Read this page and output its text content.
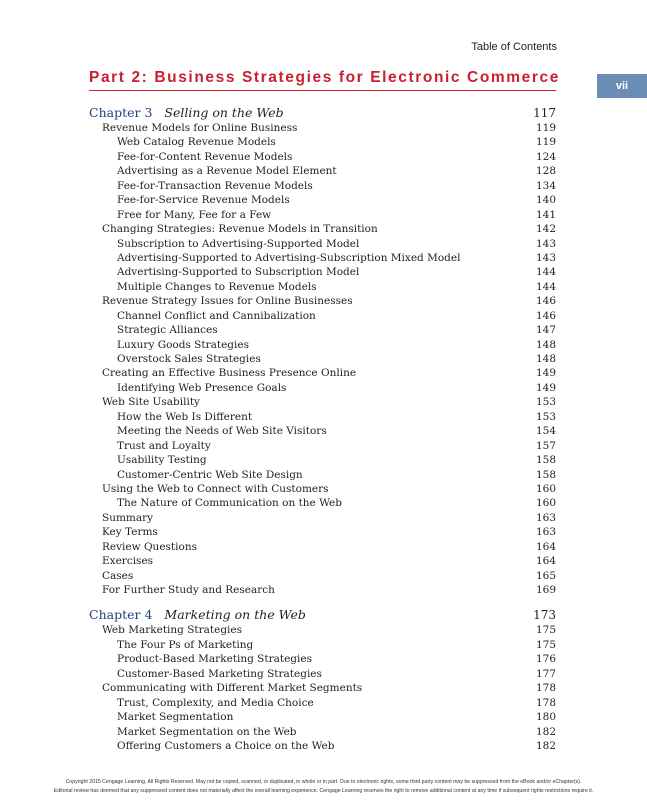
Table of Contents
Part 2: Business Strategies for Electronic Commerce	vii
Chapter 3 Selling on the Web	117
Revenue Models for Online Business	119
Web Catalog Revenue Models	119
Fee-for-Content Revenue Models	124
Advertising as a Revenue Model Element	128
Fee-for-Transaction Revenue Models	134
Fee-for-Service Revenue Models	140
Free for Many, Fee for a Few	141
Changing Strategies: Revenue Models in Transition	142
Subscription to Advertising-Supported Model	143
Advertising-Supported to Advertising-Subscription Mixed Model	143
Advertising-Supported to Subscription Model	144
Multiple Changes to Revenue Models	144
Revenue Strategy Issues for Online Businesses	146
Channel Conflict and Cannibalization	146
Strategic Alliances	147
Luxury Goods Strategies	148
Overstock Sales Strategies	148
Creating an Effective Business Presence Online	149
Identifying Web Presence Goals	149
Web Site Usability	153
How the Web Is Different	153
Meeting the Needs of Web Site Visitors	154
Trust and Loyalty	157
Usability Testing	158
Customer-Centric Web Site Design	158
Using the Web to Connect with Customers	160
The Nature of Communication on the Web	160
Summary	163
Key Terms	163
Review Questions	164
Exercises	164
Cases	165
For Further Study and Research	169
Chapter 4 Marketing on the Web	173
Web Marketing Strategies	175
The Four Ps of Marketing	175
Product-Based Marketing Strategies	176
Customer-Based Marketing Strategies	177
Communicating with Different Market Segments	178
Trust, Complexity, and Media Choice	178
Market Segmentation	180
Market Segmentation on the Web	182
Offering Customers a Choice on the Web	182
Copyright 2015 Cengage Learning. All Rights Reserved. May not be copied, scanned, or duplicated, in whole or in part. Due to electronic rights, some third party content may be suppressed from the eBook and/or eChapter(s).
Editorial review has deemed that any suppressed content does not materially affect the overall learning experience. Cengage Learning reserves the right to remove additional content at any time if subsequent rights restrictions require it.
